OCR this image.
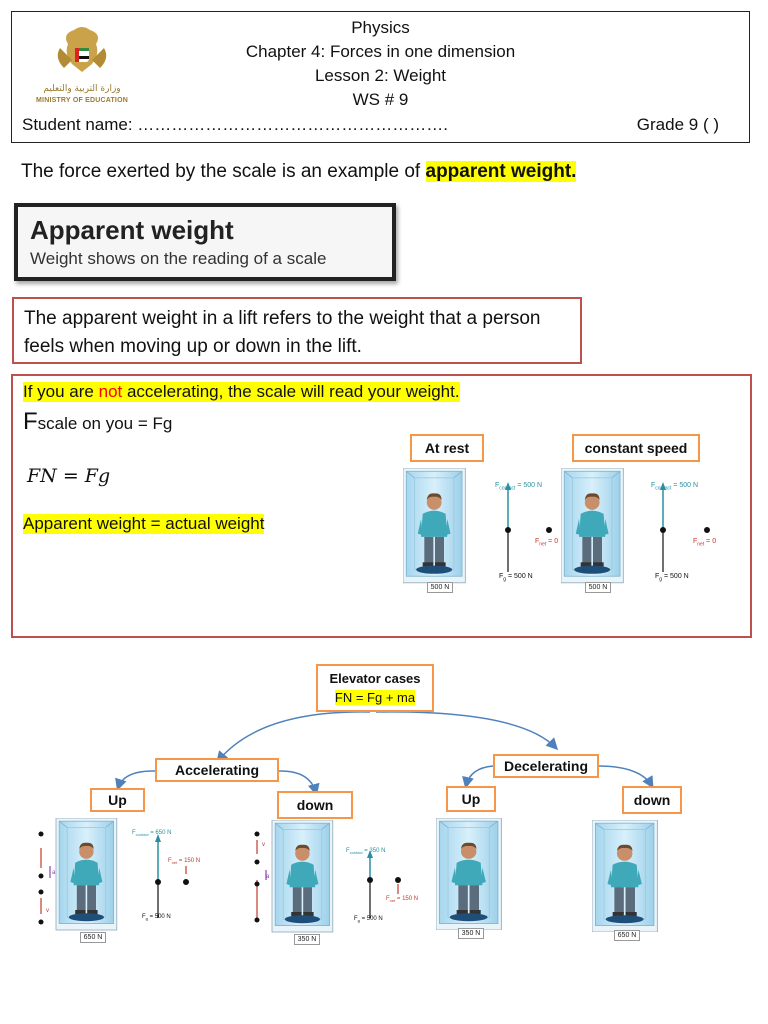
وزارة التربية والتعليم
MINISTRY OF EDUCATION
Physics
Chapter 4: Forces in one dimension
Lesson 2: Weight
WS # 9
Student name: ……………………………………………….	Grade 9 ( )
The force exerted by the scale is an example of apparent weight.
Apparent weight
Weight shows on the reading of a scale
The apparent weight in a lift refers to the weight that a person feels when moving up or down in the lift.
If you are not accelerating, the scale will read your weight.
Fscale on you = Fg
FN = Fg
Apparent weight = actual weight
At rest	constant speed
$F_{contact} = 500$ N
$F_{net} = 0$
$F_g = 500$ N
500 N
$F_{contact} = 500$ N
$F_{net} = 0$
$F_g = 500$ N
500 N
Elevator cases
FN = Fg + ma
Accelerating	Decelerating
Up	down	Up	down
a
v
$F_{contact} = 650$ N
$F_{net} = 150$ N
$F_g = 500$ N
650 N
a
v
$F_{contact} = 350$ N
$F_{net} = 150$ N
$F_g = 500$ N
350 N
350 N	650 N
